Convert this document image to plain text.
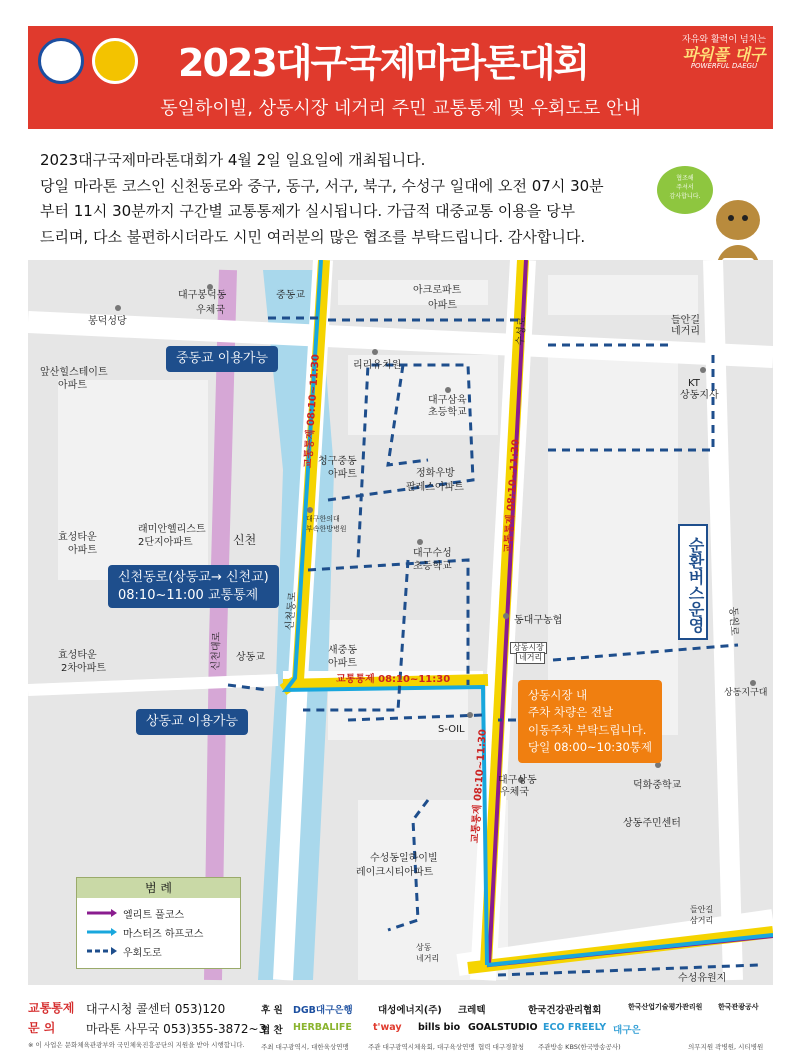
2023대구국제마라톤대회
자유와 활력이 넘치는
파워풀 대구
POWERFUL DAEGU
동일하이빌, 상동시장 네거리 주민 교통통제 및 우회도로 안내

2023대구국제마라톤대회가 4월 2일 일요일에 개최됩니다.

당일 마라톤 코스인 신천동로와 중구, 동구, 서구, 북구, 수성구 일대에 오전 07시 30분

부터 11시 30분까지 구간별 교통통제가 실시됩니다. 가급적 대중교통 이용을 당부

드리며, 다소 불편하시더라도 시민 여러분의 많은 협조를 부탁드립니다. 감사합니다.

협조해
주셔서
감사합니다.
대구봉덕동
우체국
봉덕성당
중동교	아크로파트
아파트
앞산힐스테이트
아파트
리리유치원
대구삼육
초등학교
들안길
네거리
KT
상동지사
청구중동
아파트	정화우방
팔레스아파트
효성타운
아파트
래미안헬리스트
2단지아파트
대구한의대
부속한방병원
대구수성
초등학교
신천
동대구농협
효성타운
2차아파트
상동교
새중동
아파트
상동시장
네거리
상동지구대
S-OIL
대구상동
우체국
덕화중학교
상동주민센터
수성동일하이빌
레이크시티아파트
들안길
삼거리
상동
네거리
수성유원지
수성로
신천동로
신천대로
동원로
교통통제 08:10~11:30
교통통제 08:10~11:30
교통통제 08:10~11:30
교통통제 08:10~11:30
중동교 이용가능
신천동로(상동교→ 신천교)
08:10~11:00 교통통제
상동교 이용가능
상동시장 내
주차 차량은 전날
이동주차 부탁드립니다.
당일 08:00~10:30통제
순환버스운영
범 례
엘리트 풀코스
마스터즈 하프코스
우회도로
교통통제
문 의
대구시청 콜센터 053)120
마라톤 사무국 053)355-3872~3
※ 이 사업은 문화체육관광부와 국민체육진흥공단의 지원을 받아 시행합니다.
후 원
협 찬
DGB대구은행	대성에너지(주) 크레텍	한국건강관리협회	한국산업기술평가관리원 한국관광공사
HERBALIFE t'way bills bio GOALSTUDIO ECO FREELY 대구은
주최 대구광역시, 대한육상연맹	주관 대구광역시체육회, 대구육상연맹 협력 대구경찰청 주관방송 KBS(한국방송공사)	의무지원 곽병원, 시티병원
